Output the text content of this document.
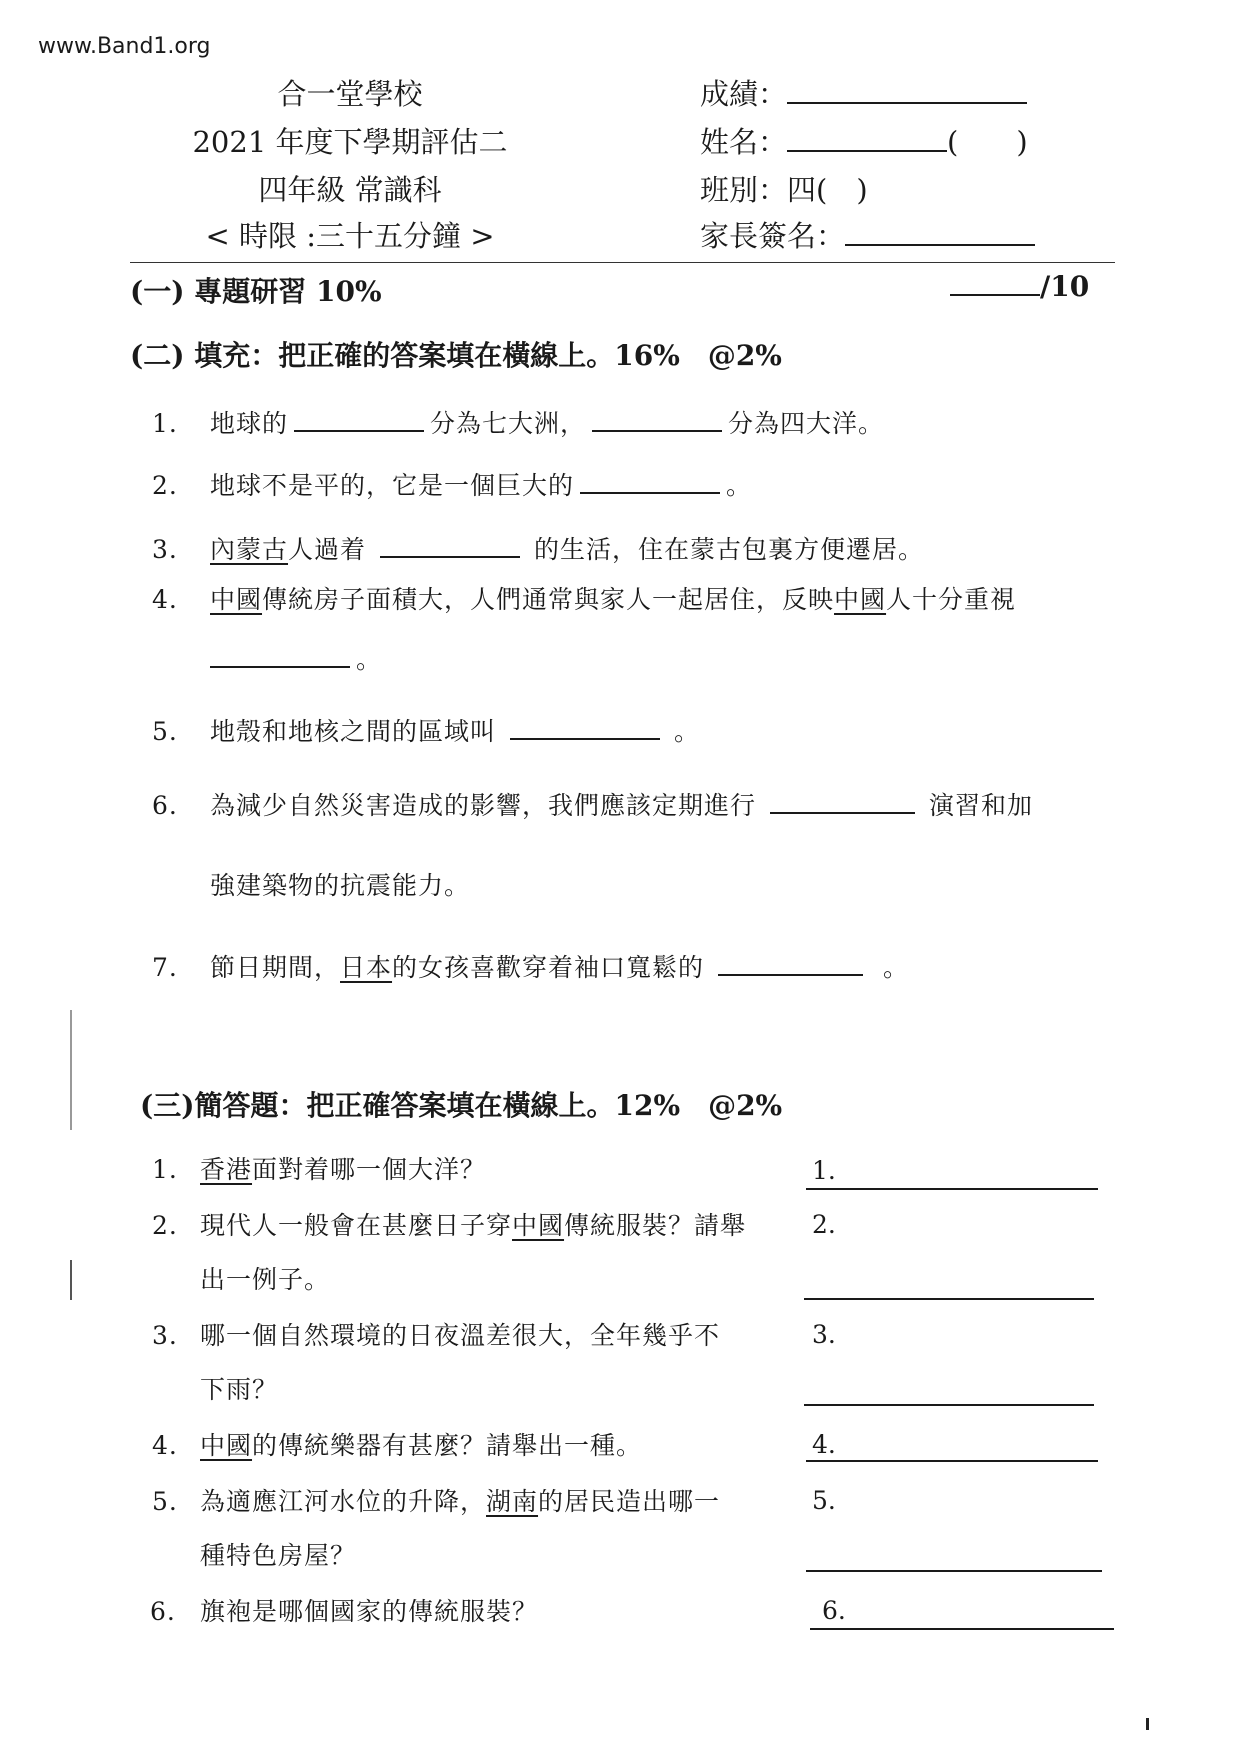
www.Band1.org
合一堂學校
2021 年度下學期評估二
四年級 常識科
< 時限 :三十五分鐘 >
成績：
姓名：	(　　)
班別：四(　)
家長簽名：
(一) 專題研習 10%	/10
(二) 填充：把正確的答案填在橫線上。16%　@2%
1. 地球的	分為七大洲，	分為四大洋。
2. 地球不是平的，它是一個巨大的	。
3. 內蒙古人過着	的生活，住在蒙古包裏方便遷居。
4. 中國傳統房子面積大，人們通常與家人一起居住，反映中國人十分重視
。
5. 地殼和地核之間的區域叫	。
6. 為減少自然災害造成的影響，我們應該定期進行	演習和加
強建築物的抗震能力。
7. 節日期間，日本的女孩喜歡穿着袖口寬鬆的	。
(三)簡答題：把正確答案填在橫線上。12%　@2%
1. 香港面對着哪一個大洋？	1.
2. 現代人一般會在甚麼日子穿中國傳統服裝？請舉
出一例子。
2.
3. 哪一個自然環境的日夜溫差很大，全年幾乎不
下雨？
3.
4. 中國的傳統樂器有甚麼？請舉出一種。	4.
5. 為適應江河水位的升降，湖南的居民造出哪一
種特色房屋？
5.
6. 旗袍是哪個國家的傳統服裝？	6.
